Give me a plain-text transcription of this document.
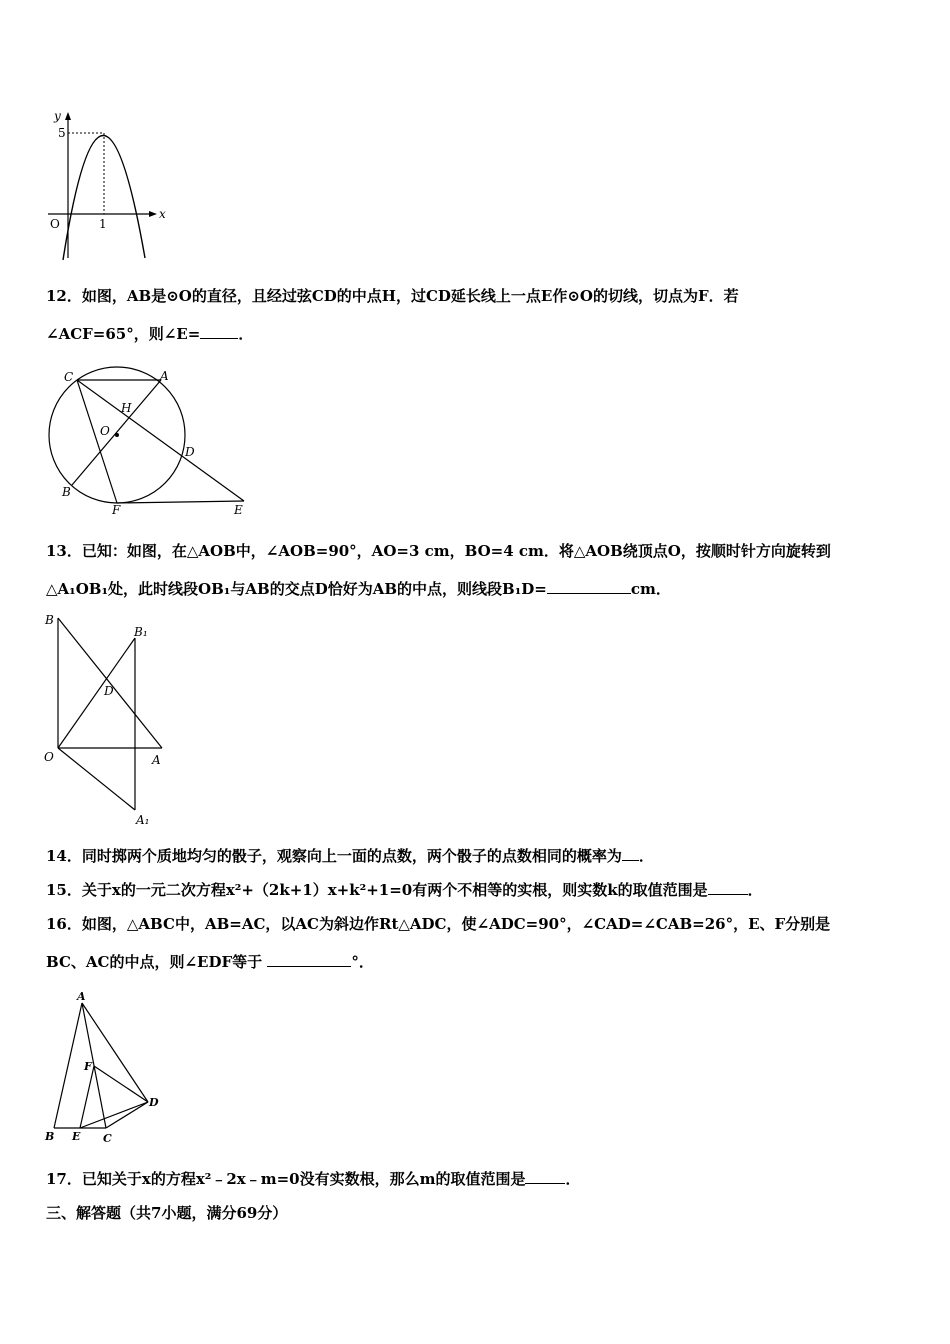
y
x
O
5
1
12．如图，AB是⊙O的直径，且经过弦CD的中点H，过CD延长线上一点E作⊙O的切线，切点为F．若
∠ACF=65°，则∠E=	．
C	A
H
O
D
B
F	E
13．已知：如图，在△AOB中，∠AOB=90°，AO=3 cm，BO=4 cm．将△AOB绕顶点O，按顺时针方向旋转到
△A₁OB₁处，此时线段OB₁与AB的交点D恰好为AB的中点，则线段B₁D=	cm．
B
B₁
D
O	A
A₁
14．同时掷两个质地均匀的骰子，观察向上一面的点数，两个骰子的点数相同的概率为 ．
15．关于x的一元二次方程x²+（2k+1）x+k²+1=0有两个不相等的实根，则实数k的取值范围是	．
16．如图，△ABC中，AB=AC，以AC为斜边作Rt△ADC，使∠ADC=90°，∠CAD=∠CAB=26°，E、F分别是
BC、AC的中点，则∠EDF等于	°．
A
F
D
B E C
17．已知关于x的方程x²﹣2x﹣m=0没有实数根，那么m的取值范围是	．
三、解答题（共7小题，满分69分）
